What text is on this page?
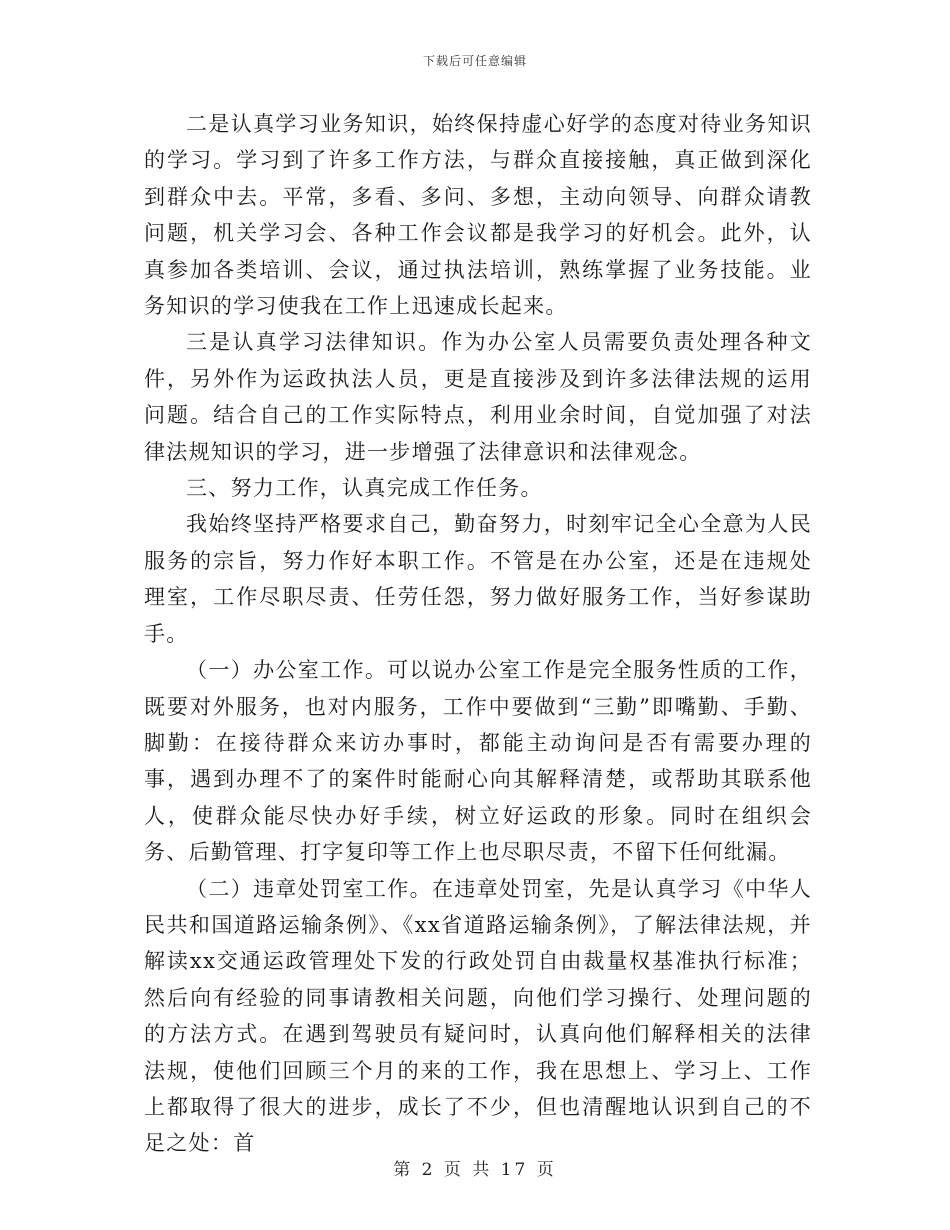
下载后可任意编辑

二是认真学习业务知识，始终保持虚心好学的态度对待业务知识的学习。学习到了许多工作方法，与群众直接接触，真正做到深化到群众中去。平常，多看、多问、多想，主动向领导、向群众请教问题，机关学习会、各种工作会议都是我学习的好机会。此外，认真参加各类培训、会议，通过执法培训，熟练掌握了业务技能。业务知识的学习使我在工作上迅速成长起来。

三是认真学习法律知识。作为办公室人员需要负责处理各种文件，另外作为运政执法人员，更是直接涉及到许多法律法规的运用问题。结合自己的工作实际特点，利用业余时间，自觉加强了对法律法规知识的学习，进一步增强了法律意识和法律观念。

三、努力工作，认真完成工作任务。

我始终坚持严格要求自己，勤奋努力，时刻牢记全心全意为人民服务的宗旨，努力作好本职工作。不管是在办公室，还是在违规处理室，工作尽职尽责、任劳任怨，努力做好服务工作，当好参谋助手。

（一）办公室工作。可以说办公室工作是完全服务性质的工作，既要对外服务，也对内服务，工作中要做到“三勤”即嘴勤、手勤、脚勤：在接待群众来访办事时，都能主动询问是否有需要办理的事，遇到办理不了的案件时能耐心向其解释清楚，或帮助其联系他人，使群众能尽快办好手续，树立好运政的形象。同时在组织会务、后勤管理、打字复印等工作上也尽职尽责，不留下任何纰漏。

（二）违章处罚室工作。在违章处罚室，先是认真学习《中华人民共和国道路运输条例》、《xx省道路运输条例》，了解法律法规，并解读xx交通运政管理处下发的行政处罚自由裁量权基准执行标准；然后向有经验的同事请教相关问题，向他们学习操行、处理问题的的方法方式。在遇到驾驶员有疑问时，认真向他们解释相关的法律法规，使他们回顾三个月的来的工作，我在思想上、学习上、工作上都取得了很大的进步，成长了不少，但也清醒地认识到自己的不足之处：首

第 2 页 共 17 页
